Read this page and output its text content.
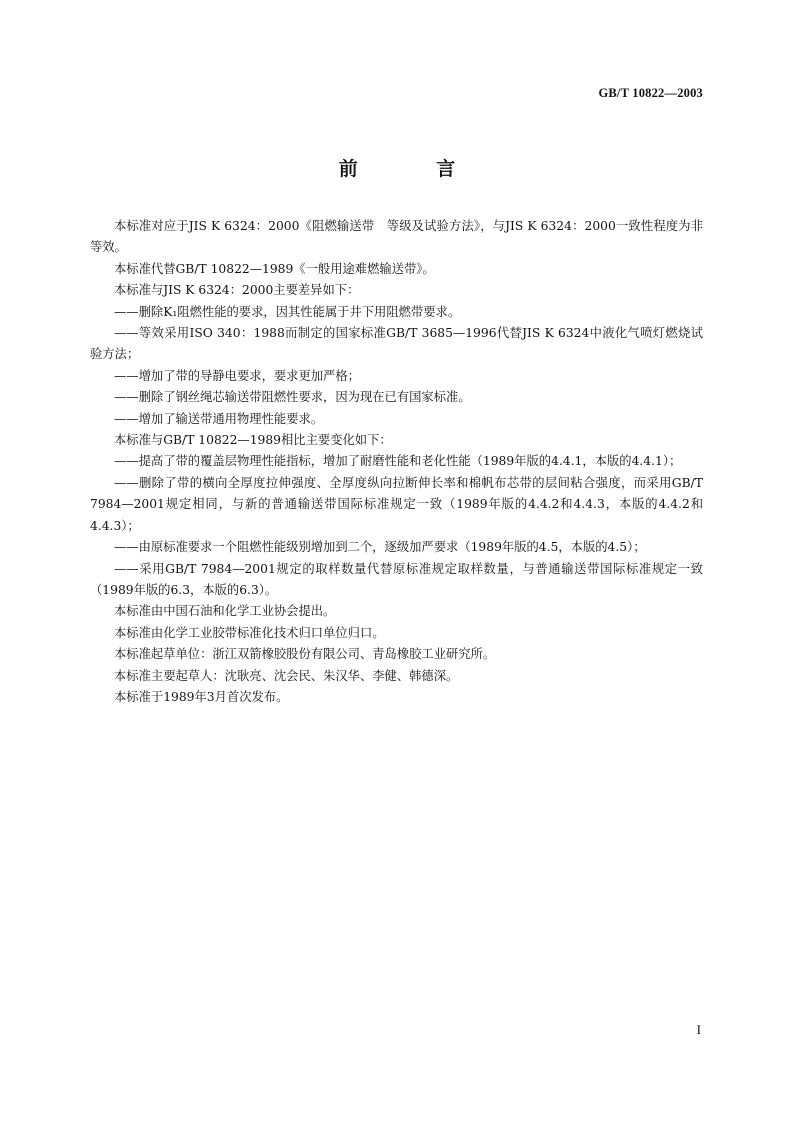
GB/T 10822—2003
前 言

本标准对应于JIS K 6324：2000《阻燃输送带　等级及试验方法》，与JIS K 6324：2000一致性程度为非等效。

本标准代替GB/T 10822—1989《一般用途难燃输送带》。

本标准与JIS K 6324：2000主要差异如下：

——删除K₁阻燃性能的要求，因其性能属于井下用阻燃带要求。

——等效采用ISO 340：1988而制定的国家标准GB/T 3685—1996代替JIS K 6324中液化气喷灯燃烧试验方法；

——增加了带的导静电要求，要求更加严格；

——删除了钢丝绳芯输送带阻燃性要求，因为现在已有国家标准。

——增加了输送带通用物理性能要求。

本标准与GB/T 10822—1989相比主要变化如下：

——提高了带的覆盖层物理性能指标，增加了耐磨性能和老化性能（1989年版的4.4.1，本版的4.4.1）；

——删除了带的横向全厚度拉伸强度、全厚度纵向拉断伸长率和棉帆布芯带的层间粘合强度，而采用GB/T 7984—2001规定相同，与新的普通输送带国际标准规定一致（1989年版的4.4.2和4.4.3，本版的4.4.2和4.4.3）；

——由原标准要求一个阻燃性能级别增加到二个，逐级加严要求（1989年版的4.5，本版的4.5）；

——采用GB/T 7984—2001规定的取样数量代替原标准规定取样数量，与普通输送带国际标准规定一致（1989年版的6.3，本版的6.3）。

本标准由中国石油和化学工业协会提出。

本标准由化学工业胶带标准化技术归口单位归口。

本标准起草单位：浙江双箭橡胶股份有限公司、青岛橡胶工业研究所。

本标准主要起草人：沈耿亮、沈会民、朱汉华、李健、韩德深。

本标准于1989年3月首次发布。

I
